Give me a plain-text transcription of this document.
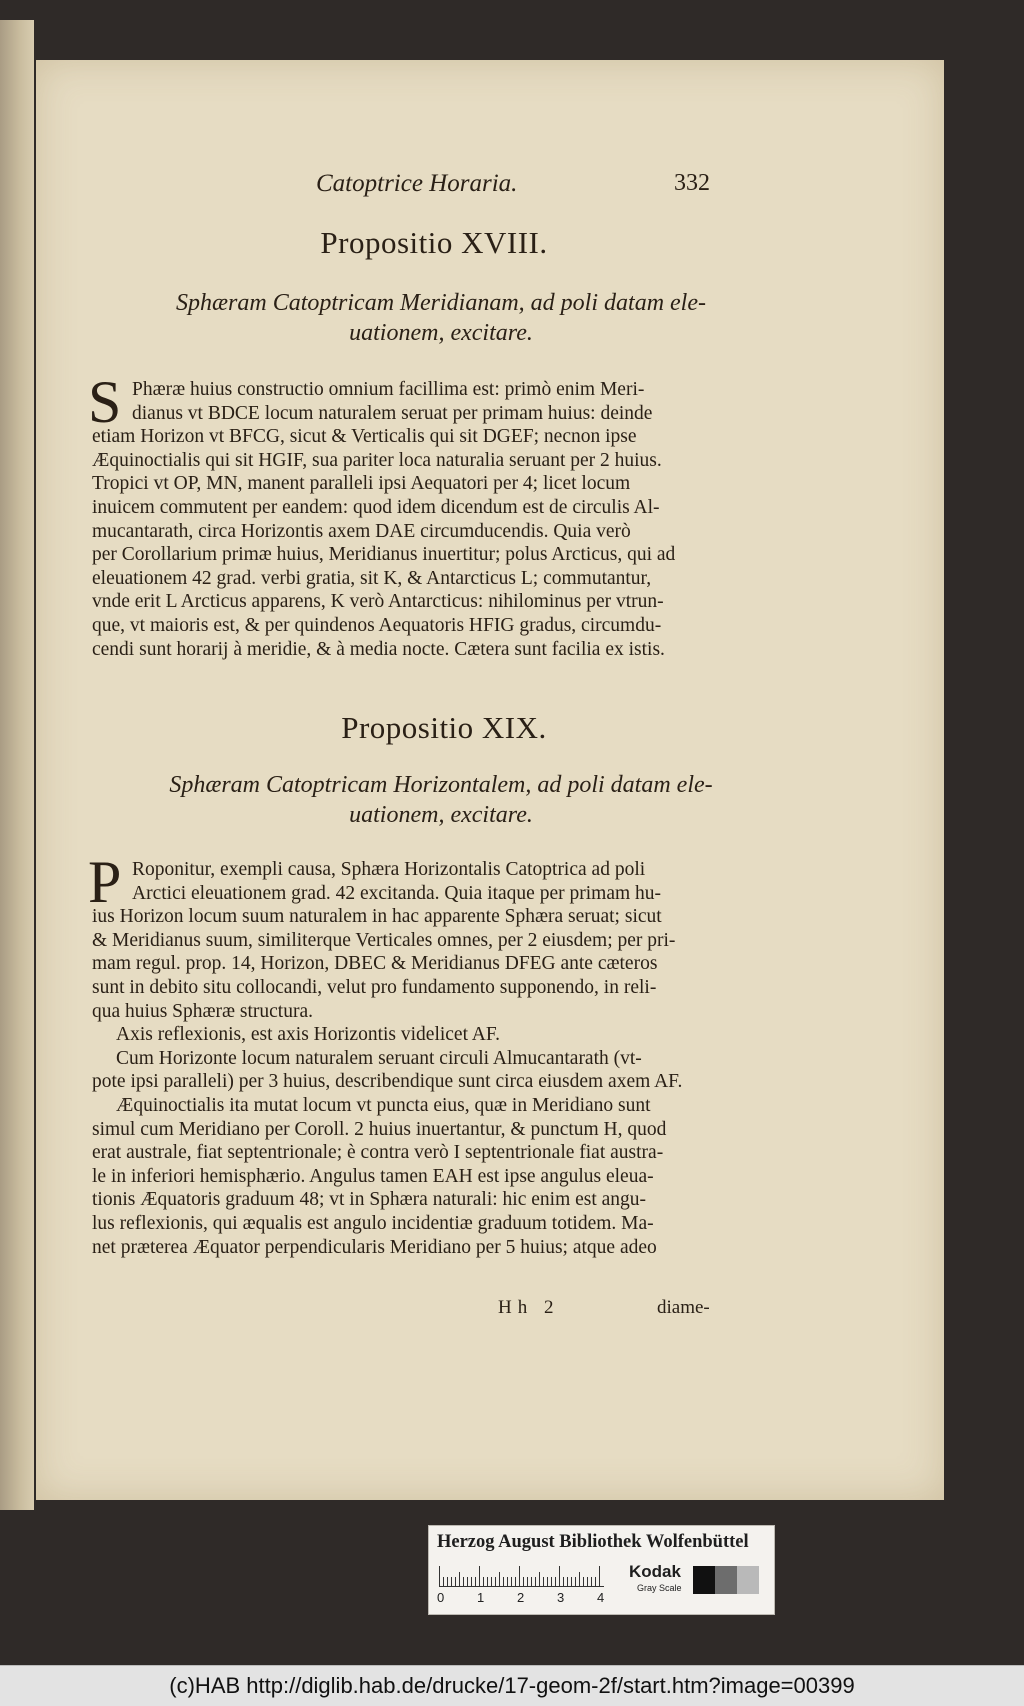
Catoptrice Horaria.	332
Propositio XVIII.
Sphæram Catoptricam Meridianam, ad poli datam ele-
uationem, excitare.
S Phæræ huius constructio omnium facillima est: primò enim Meri-
dianus vt BDCE locum naturalem seruat per primam huius: deinde
etiam Horizon vt BFCG, sicut & Verticalis qui sit DGEF; necnon ipse
Æquinoctialis qui sit HGIF, sua pariter loca naturalia seruant per 2 huius.
Tropici vt OP, MN, manent paralleli ipsi Aequatori per 4; licet locum
inuicem commutent per eandem: quod idem dicendum est de circulis Al-
mucantarath, circa Horizontis axem DAE circumducendis. Quia verò
per Corollarium primæ huius, Meridianus inuertitur; polus Arcticus, qui ad
eleuationem 42 grad. verbi gratia, sit K, & Antarcticus L; commutantur,
vnde erit L Arcticus apparens, K verò Antarcticus: nihilominus per vtrun-
que, vt maioris est, & per quindenos Aequatoris HFIG gradus, circumdu-
cendi sunt horarij à meridie, & à media nocte. Cætera sunt facilia ex istis.
Propositio XIX.
Sphæram Catoptricam Horizontalem, ad poli datam ele-
uationem, excitare.
P Roponitur, exempli causa, Sphæra Horizontalis Catoptrica ad poli
Arctici eleuationem grad. 42 excitanda. Quia itaque per primam hu-
ius Horizon locum suum naturalem in hac apparente Sphæra seruat; sicut
& Meridianus suum, similiterque Verticales omnes, per 2 eiusdem; per pri-
mam regul. prop. 14, Horizon, DBEC & Meridianus DFEG ante cæteros
sunt in debito situ collocandi, velut pro fundamento supponendo, in reli-
qua huius Sphæræ structura.
Axis reflexionis, est axis Horizontis videlicet AF.
Cum Horizonte locum naturalem seruant circuli Almucantarath (vt-
pote ipsi paralleli) per 3 huius, describendique sunt circa eiusdem axem AF.
Æquinoctialis ita mutat locum vt puncta eius, quæ in Meridiano sunt
simul cum Meridiano per Coroll. 2 huius inuertantur, & punctum H, quod
erat australe, fiat septentrionale; è contra verò I septentrionale fiat austra-
le in inferiori hemisphærio. Angulus tamen EAH est ipse angulus eleua-
tionis Æquatoris graduum 48; vt in Sphæra naturali: hic enim est angu-
lus reflexionis, qui æqualis est angulo incidentiæ graduum totidem. Ma-
net præterea Æquator perpendicularis Meridiano per 5 huius; atque adeo
Hh 2	diame-
Herzog August Bibliothek Wolfenbüttel
0	1	2	3	4
Kodak
Gray Scale
(c)HAB http://diglib.hab.de/drucke/17-geom-2f/start.htm?image=00399
